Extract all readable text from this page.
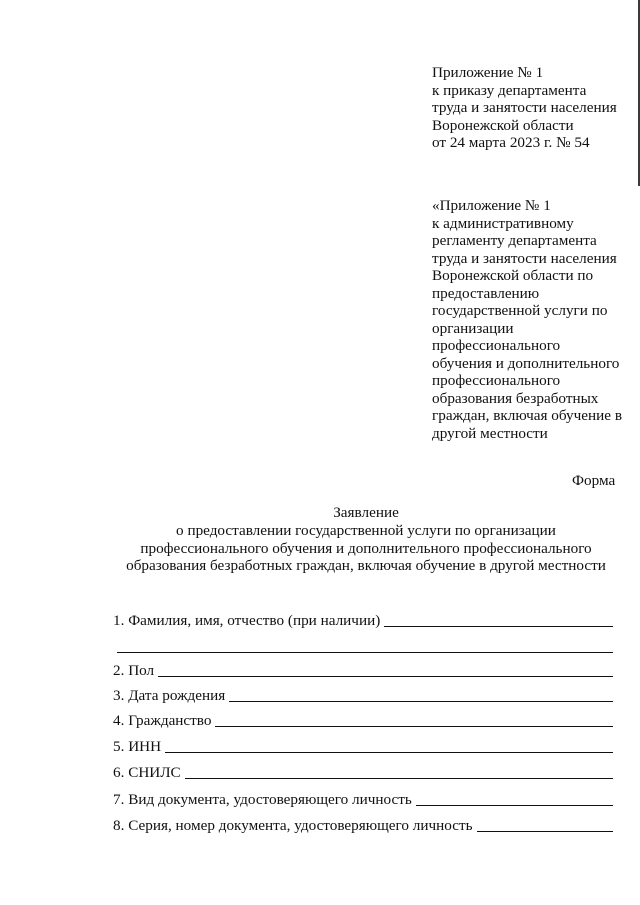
Приложение № 1
к приказу департамента
труда и занятости населения
Воронежской области
от 24 марта 2023 г. № 54
«Приложение № 1
к административному
регламенту департамента
труда и занятости населения
Воронежской области по
предоставлению
государственной услуги по
организации
профессионального
обучения и дополнительного
профессионального
образования безработных
граждан, включая обучение в
другой местности
Форма
Заявление
о предоставлении государственной услуги по организации
профессионального обучения и дополнительного профессионального
образования безработных граждан, включая обучение в другой местности
1. Фамилия, имя, отчество (при наличии)
2. Пол
3. Дата рождения
4. Гражданство
5. ИНН
6. СНИЛС
7. Вид документа, удостоверяющего личность
8. Серия, номер документа, удостоверяющего личность
